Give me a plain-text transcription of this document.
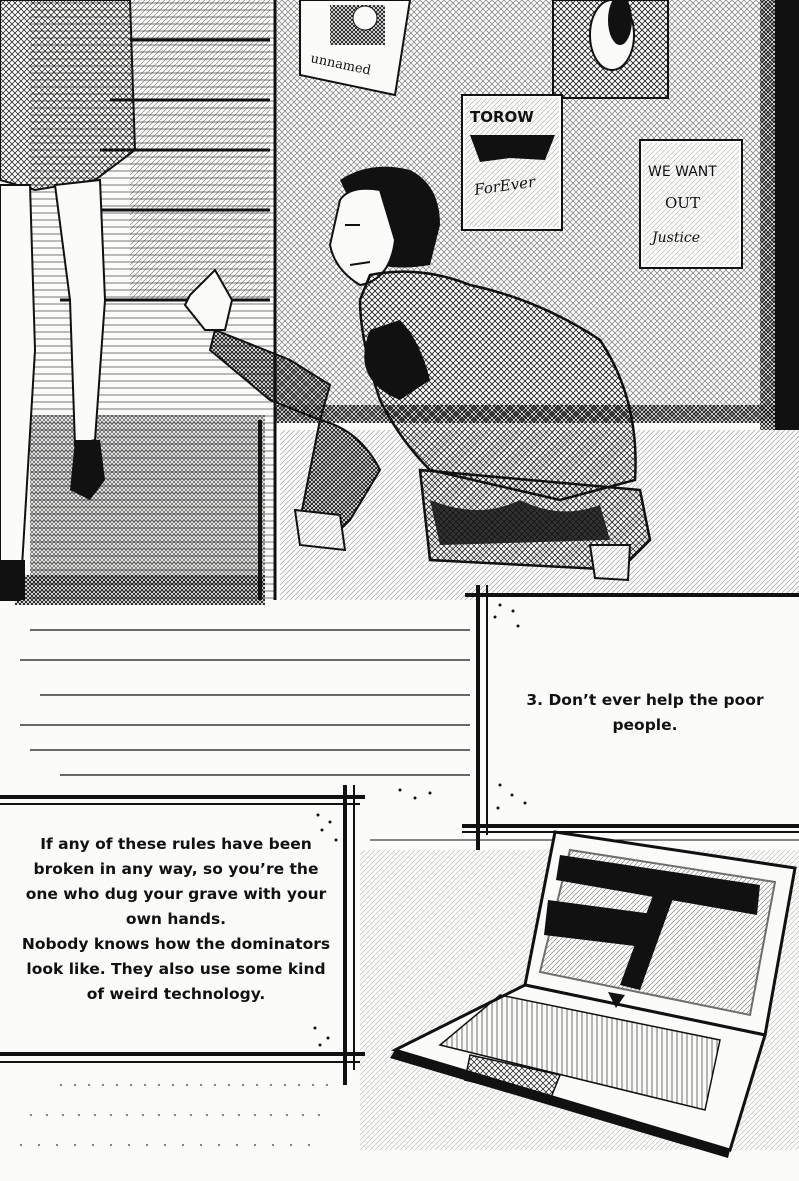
unnamed
TOROW
ForEver
WE WANT
OUT
Justice
3. Don’t ever help the poor
people.
If any of these rules have been
broken in any way, so you’re the
one who dug your grave with your
own hands.
Nobody knows how the dominators
look like. They also use some kind
of weird technology.
